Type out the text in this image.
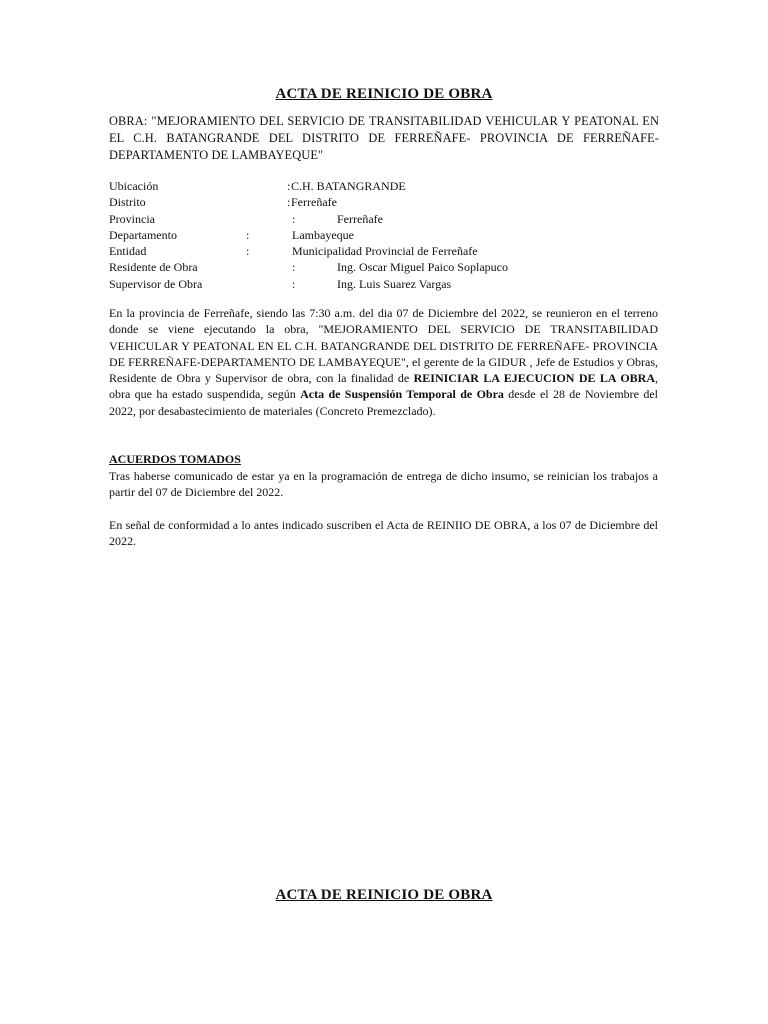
ACTA DE REINICIO DE OBRA
OBRA: "MEJORAMIENTO DEL SERVICIO DE TRANSITABILIDAD VEHICULAR Y PEATONAL EN EL C.H. BATANGRANDE DEL DISTRITO DE FERREÑAFE- PROVINCIA DE FERREÑAFE-DEPARTAMENTO DE LAMBAYEQUE"
Ubicación	: C.H. BATANGRANDE
Distrito	: Ferreñafe
Provincia	:	Ferreñafe
Departamento	:	Lambayeque
Entidad	:	Municipalidad Provincial de Ferreñafe
Residente de Obra	:	Ing. Oscar Miguel Paico Soplapuco
Supervisor de Obra	:	Ing. Luis Suarez Vargas
En la provincia de Ferreñafe, siendo las 7:30 a.m. del dia 07 de Diciembre del 2022, se reunieron en el terreno donde se viene ejecutando la obra, "MEJORAMIENTO DEL SERVICIO DE TRANSITABILIDAD VEHICULAR Y PEATONAL EN EL C.H. BATANGRANDE DEL DISTRITO DE FERREÑAFE- PROVINCIA DE FERREÑAFE-DEPARTAMENTO DE LAMBAYEQUE", el gerente de la GIDUR , Jefe de Estudios y Obras, Residente de Obra y Supervisor de obra, con la finalidad de REINICIAR LA EJECUCION DE LA OBRA, obra que ha estado suspendida, según Acta de Suspensión Temporal de Obra desde el 28 de Noviembre del 2022, por desabastecimiento de materiales (Concreto Premezclado).
ACUERDOS TOMADOS
Tras haberse comunicado de estar ya en la programación de entrega de dicho insumo, se reinician los trabajos a partir del 07 de Diciembre del 2022.
En señal de conformidad a lo antes indicado suscriben el Acta de REINIIO DE OBRA, a los 07 de Diciembre del 2022.
ACTA DE REINICIO DE OBRA
